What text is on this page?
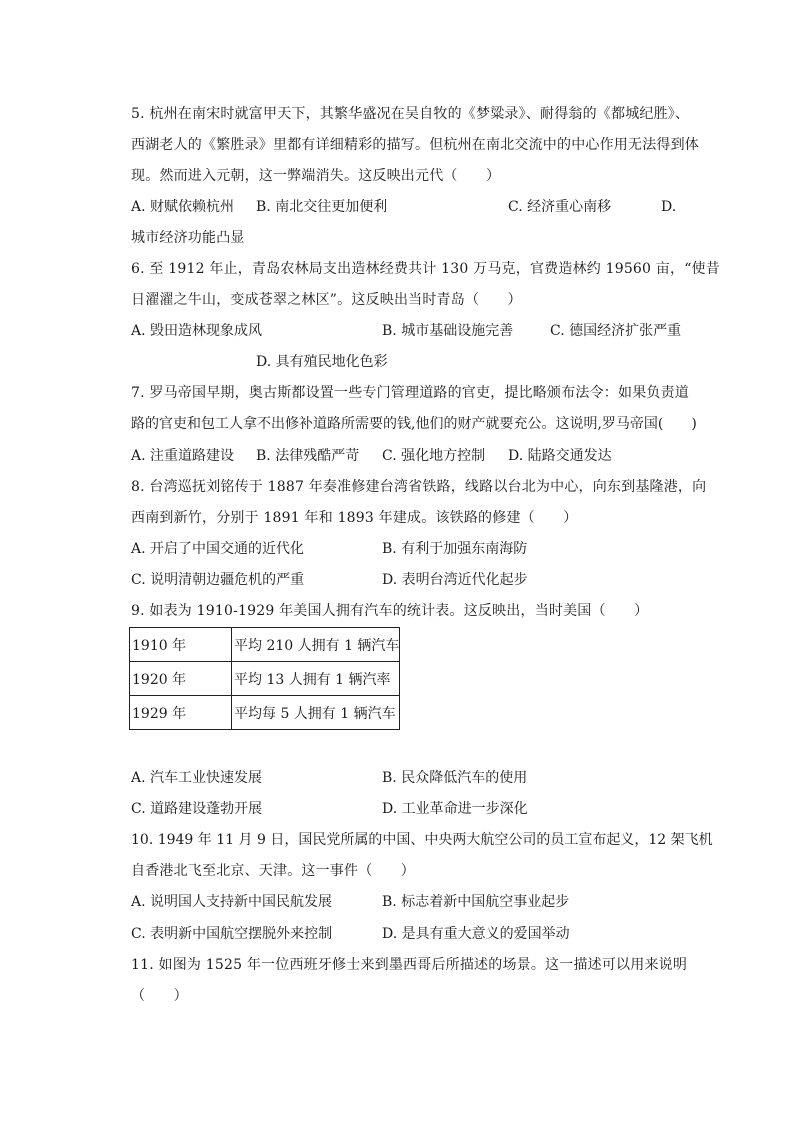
5. 杭州在南宋时就富甲天下，其繁华盛况在吴自牧的《梦粱录》、耐得翁的《都城纪胜》、
西湖老人的《繁胜录》里都有详细精彩的描写。但杭州在南北交流中的中心作用无法得到体
现。然而进入元朝，这一弊端消失。这反映出元代（　　）
A. 财赋依赖杭州 B. 南北交往更加便利	C. 经济重心南移	D.
城市经济功能凸显
6. 至 1912 年止，青岛农林局支出造林经费共计 130 万马克，官费造林约 19560 亩，“使昔
日濯濯之牛山，变成苍翠之林区”。这反映出当时青岛（　　）
A. 毁田造林现象成风	B. 城市基础设施完善	C. 德国经济扩张严重
D. 具有殖民地化色彩
7. 罗马帝国早期，奥古斯都设置一些专门管理道路的官吏，提比略颁布法令：如果负责道
路的官吏和包工人拿不出修补道路所需要的钱,他们的财产就要充公。这说明,罗马帝国(　　)
A. 注重道路建设 B. 法律残酷严苛 C. 强化地方控制 D. 陆路交通发达
8. 台湾巡抚刘铭传于 1887 年奏准修建台湾省铁路，线路以台北为中心，向东到基隆港，向
西南到新竹，分别于 1891 年和 1893 年建成。该铁路的修建（　　）
A. 开启了中国交通的近代化	B. 有利于加强东南海防
C. 说明清朝边疆危机的严重	D. 表明台湾近代化起步
9. 如表为 1910-1929 年美国人拥有汽车的统计表。这反映出，当时美国（　　）
1910 年	平均 210 人拥有 1 辆汽车
1920 年	平均 13 人拥有 1 辆汽率
1929 年	平均每 5 人拥有 1 辆汽车
A. 汽车工业快速发展	B. 民众降低汽车的使用
C. 道路建设蓬勃开展	D. 工业革命进一步深化
10. 1949 年 11 月 9 日，国民党所属的中国、中央两大航空公司的员工宣布起义，12 架飞机
自香港北飞至北京、天津。这一事件（　　）
A. 说明国人支持新中国民航发展	B. 标志着新中国航空事业起步
C. 表明新中国航空摆脱外来控制	D. 是具有重大意义的爱国举动
11. 如图为 1525 年一位西班牙修士来到墨西哥后所描述的场景。这一描述可以用来说明
（　　）
